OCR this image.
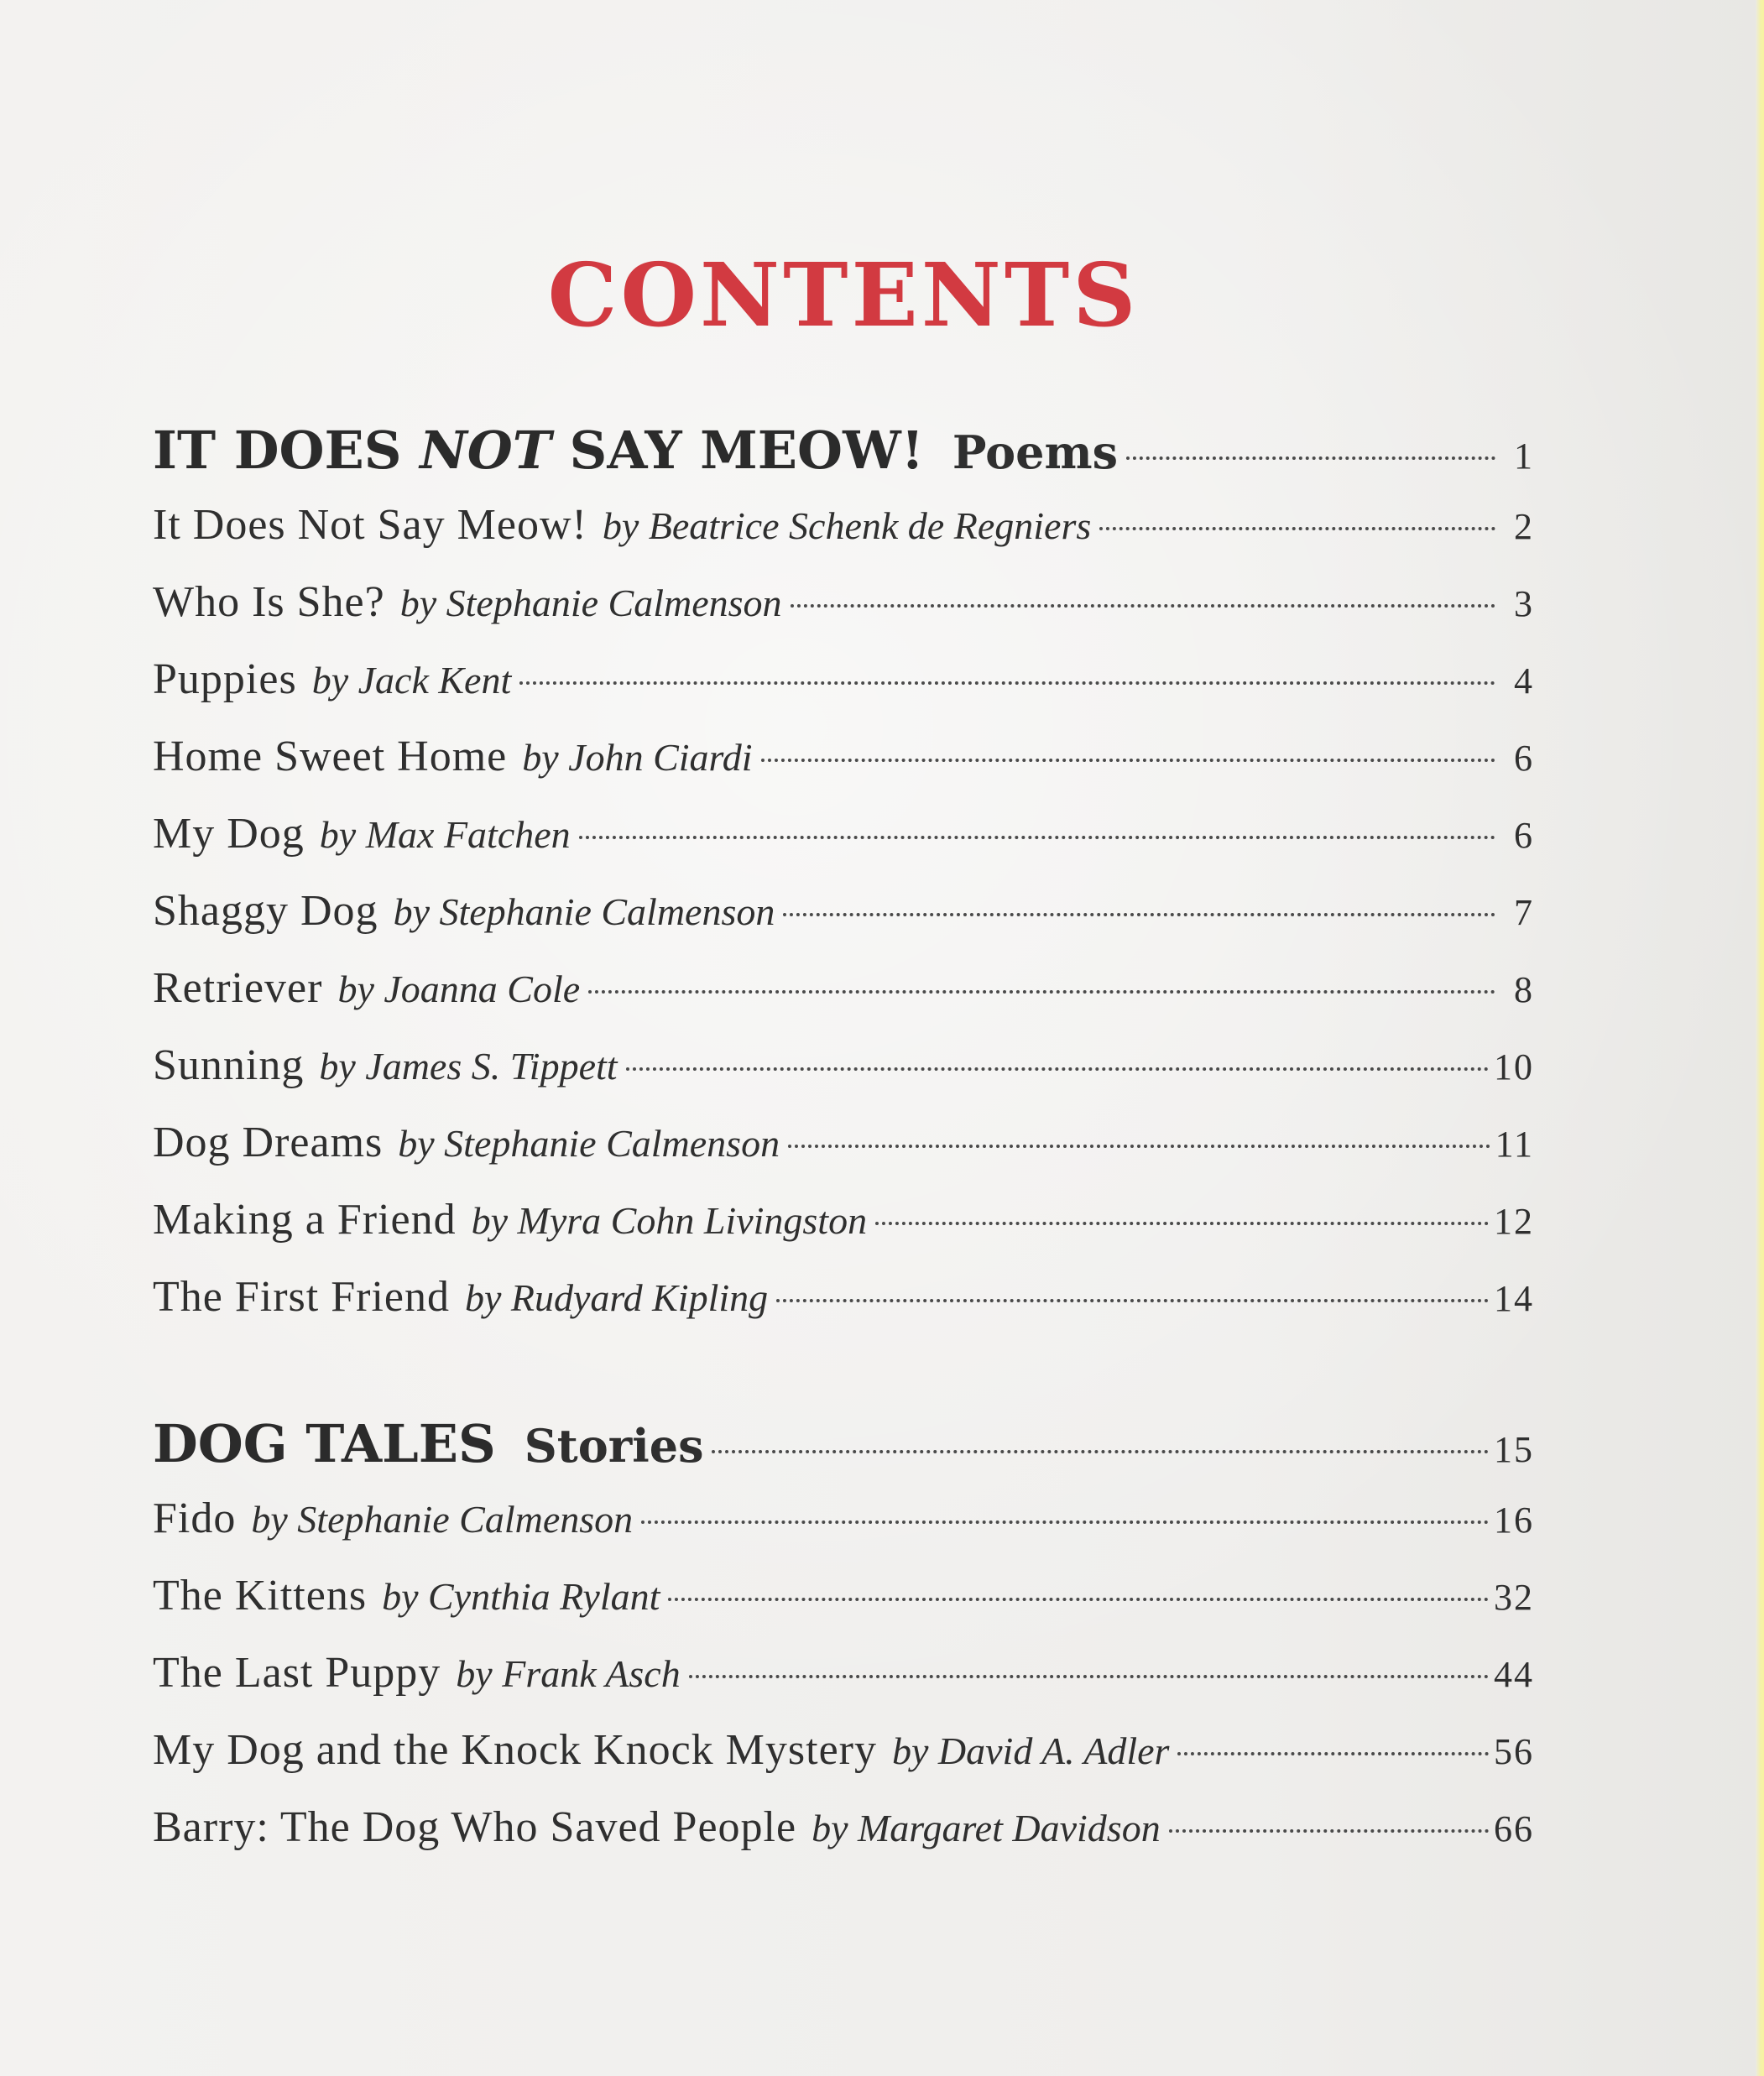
CONTENTS
IT DOES NOT SAY MEOW! Poems	1
It Does Not Say Meow! by Beatrice Schenk de Regniers	2
Who Is She? by Stephanie Calmenson	3
Puppies by Jack Kent	4
Home Sweet Home by John Ciardi	6
My Dog by Max Fatchen	6
Shaggy Dog by Stephanie Calmenson	7
Retriever by Joanna Cole	8
Sunning by James S. Tippett	10
Dog Dreams by Stephanie Calmenson	11
Making a Friend by Myra Cohn Livingston	12
The First Friend by Rudyard Kipling	14
DOG TALES Stories	15
Fido by Stephanie Calmenson	16
The Kittens by Cynthia Rylant	32
The Last Puppy by Frank Asch	44
My Dog and the Knock Knock Mystery by David A. Adler	56
Barry: The Dog Who Saved People by Margaret Davidson	66
